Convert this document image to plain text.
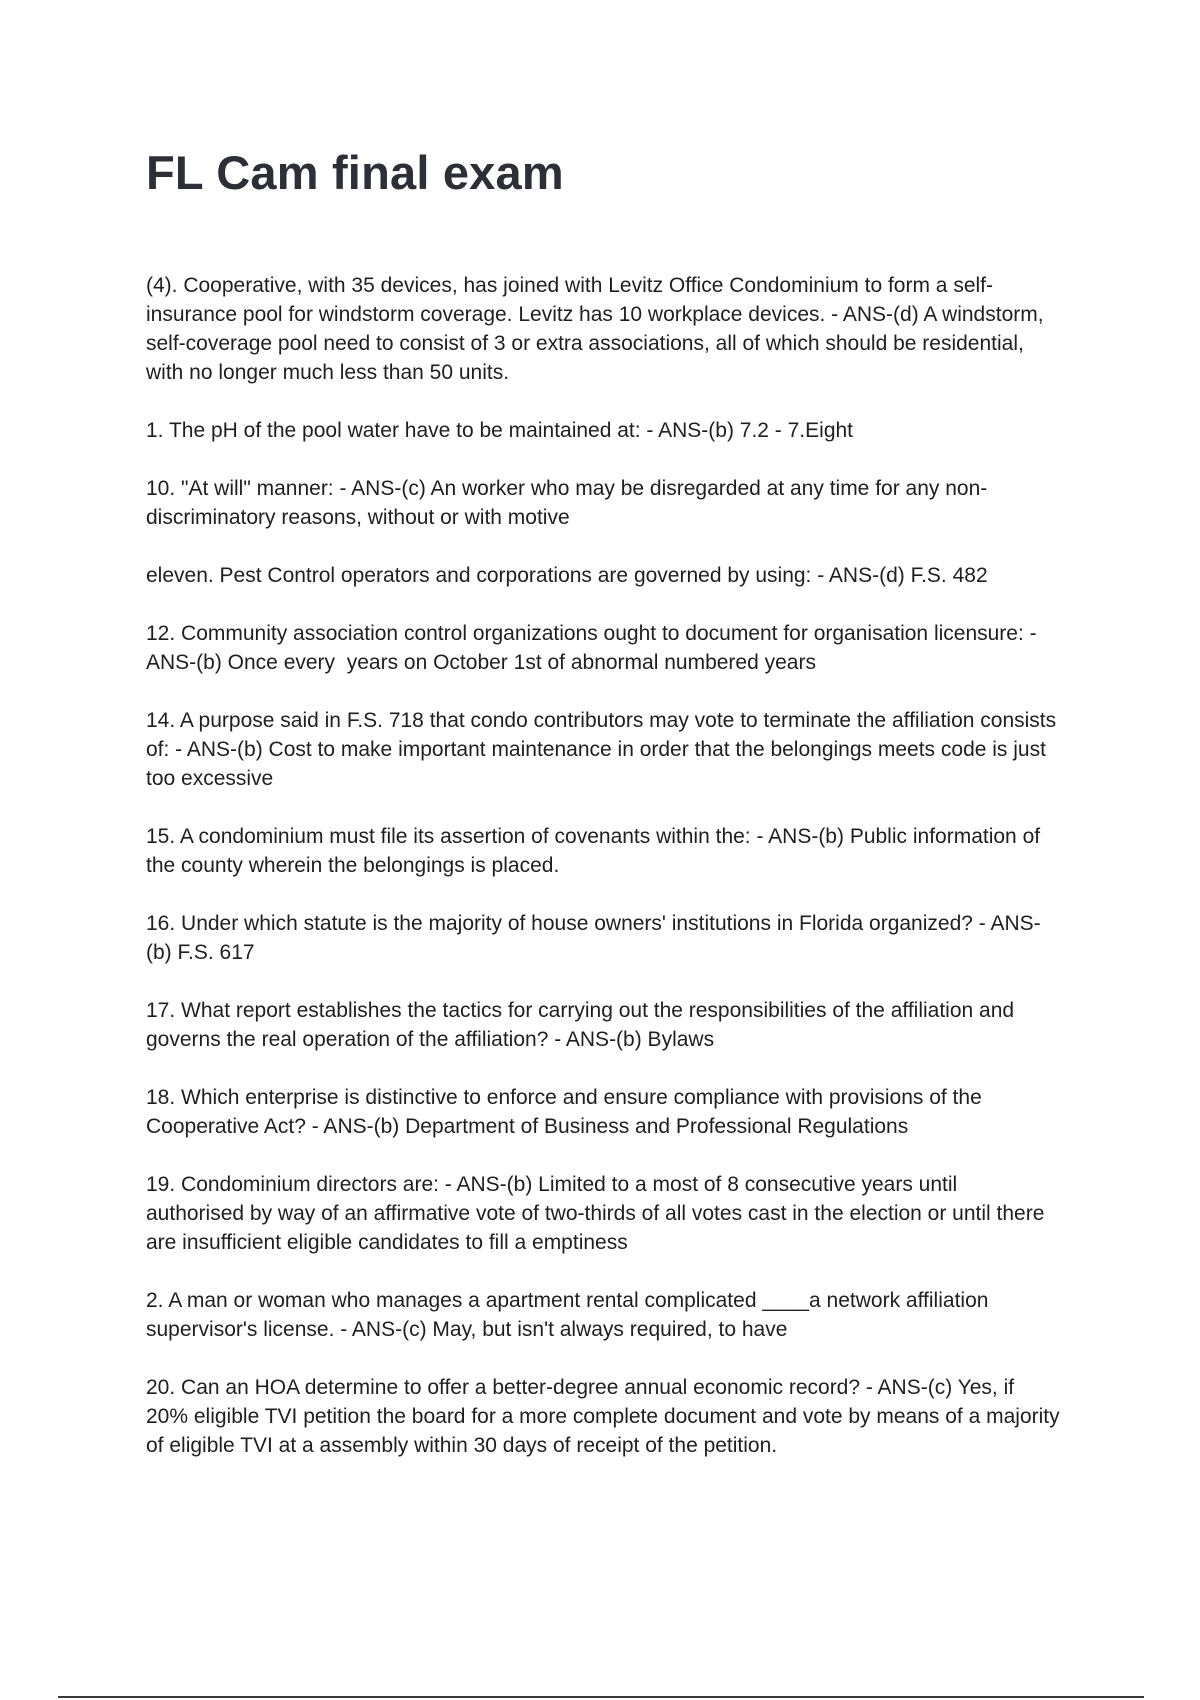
FL Cam final exam

(4). Cooperative, with 35 devices, has joined with Levitz Office Condominium to form a self-insurance pool for windstorm coverage. Levitz has 10 workplace devices. - ANS-(d) A windstorm, self-coverage pool need to consist of 3 or extra associations, all of which should be residential, with no longer much less than 50 units.

1. The pH of the pool water have to be maintained at: - ANS-(b) 7.2 - 7.Eight

10. "At will" manner: - ANS-(c) An worker who may be disregarded at any time for any non-discriminatory reasons, without or with motive

eleven. Pest Control operators and corporations are governed by using: - ANS-(d) F.S. 482

12. Community association control organizations ought to document for organisation licensure: - ANS-(b) Once every  years on October 1st of abnormal numbered years

14. A purpose said in F.S. 718 that condo contributors may vote to terminate the affiliation consists of: - ANS-(b) Cost to make important maintenance in order that the belongings meets code is just too excessive

15. A condominium must file its assertion of covenants within the: - ANS-(b) Public information of the county wherein the belongings is placed.

16. Under which statute is the majority of house owners' institutions in Florida organized? - ANS-(b) F.S. 617

17. What report establishes the tactics for carrying out the responsibilities of the affiliation and governs the real operation of the affiliation? - ANS-(b) Bylaws

18. Which enterprise is distinctive to enforce and ensure compliance with provisions of the Cooperative Act? - ANS-(b) Department of Business and Professional Regulations

19. Condominium directors are: - ANS-(b) Limited to a most of 8 consecutive years until authorised by way of an affirmative vote of two-thirds of all votes cast in the election or until there are insufficient eligible candidates to fill a emptiness

2. A man or woman who manages a apartment rental complicated ____a network affiliation supervisor's license. - ANS-(c) May, but isn't always required, to have

20. Can an HOA determine to offer a better-degree annual economic record? - ANS-(c) Yes, if 20% eligible TVI petition the board for a more complete document and vote by means of a majority of eligible TVI at a assembly within 30 days of receipt of the petition.
